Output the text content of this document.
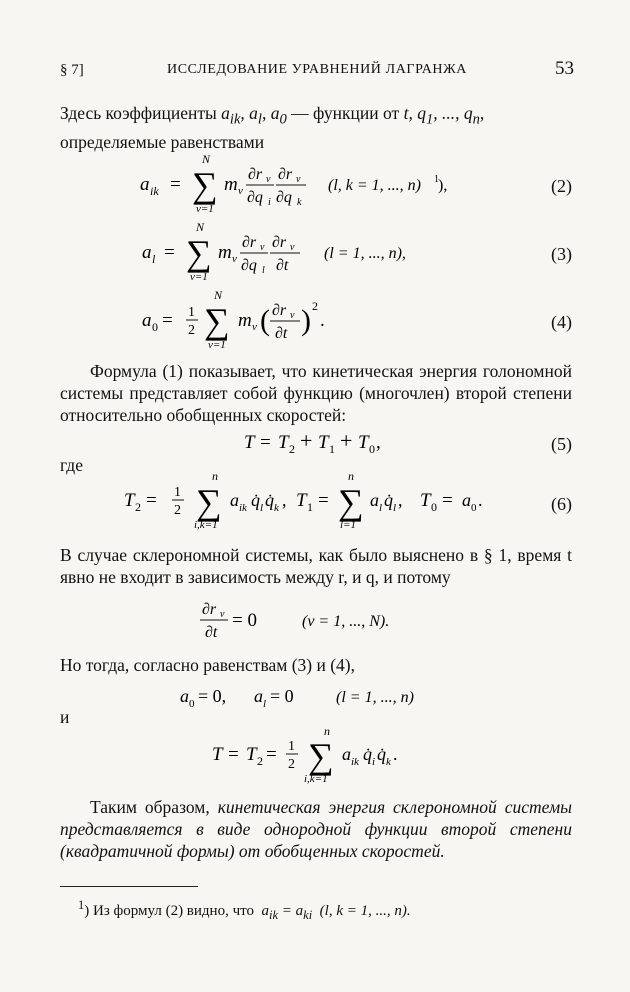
§ 7]	ИССЛЕДОВАНИЕ УРАВНЕНИЙ ЛАГРАНЖА	53
Здесь коэффициенты $a_{ik}$, $a_l$, $a_0$ — функции от t, $q_1$, ..., $q_n$,
определяемые равенствами
a ik =
N
∑
ν=1
m ν
∂r ν
∂q i
∂r ν
∂q k
(l, k = 1, ..., n) 1 ),	(2)
a l =
N
∑
ν=1
m ν
∂r ν
∂q l
∂r ν
∂t
(l = 1, ..., n),	(3)
a 0 = 1
2
N
∑
ν=1
m ν ( ∂r ν
∂t ) 2
.	(4)
Формула (1) показывает, что кинетическая энергия голономной системы представляет собой функцию (многочлен) второй степени относительно обобщенных скоростей:
T = T 2 + T 1 + T 0 ,	(5)
где
T 2 = 1
2
n
∑
i,k=1
a ik q̇ l q̇ k , T 1 =
n
∑
l=1
a l q̇ l , T 0 = a 0 .	(6)
В случае склерономной системы, как было выяснено в § 1, время t явно не входит в зависимость между r, и q, и потому
∂r ν
∂t
= 0	(ν = 1, ..., N).
Но тогда, согласно равенствам (3) и (4),
a 0 = 0, a l = 0	(l = 1, ..., n)
и
T = T 2 = 1
2
n
∑
i,k=1
a ik q̇ i q̇ k .
Таким образом, кинетическая энергия склерономной системы представляется в виде однородной функции второй степени (квадратичной формы) от обобщенных скоростей.
$^1$) Из формул (2) видно, что  $a_{ik} = a_{ki}$ (l, k = 1, ..., n).
